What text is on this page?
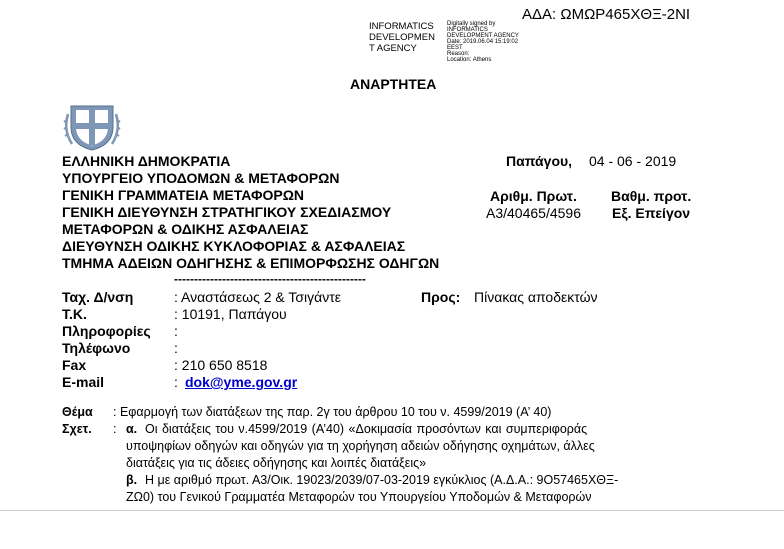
ΑΔΑ: ΩΜΩΡ465ΧΘΞ-2ΝΙ
INFORMATICS
DEVELOPMEN
T AGENCY
Digitally signed by
INFORMATICS
DEVELOPMENT AGENCY
Date: 2019.06.04 15:19:02
EEST
Reason:
Location: Athens
ΑΝΑΡΤΗΤΕΑ
ΕΛΛΗΝΙΚΗ ΔΗΜΟΚΡΑΤΙΑ
ΥΠΟΥΡΓΕΙΟ ΥΠΟΔΟΜΩΝ & ΜΕΤΑΦΟΡΩΝ
ΓΕΝΙΚΗ ΓΡΑΜΜΑΤΕΙΑ ΜΕΤΑΦΟΡΩΝ
ΓΕΝΙΚΗ ΔΙΕΥΘΥΝΣΗ ΣΤΡΑΤΗΓΙΚΟΥ ΣΧΕΔΙΑΣΜΟΥ
ΜΕΤΑΦΟΡΩΝ & ΟΔΙΚΗΣ ΑΣΦΑΛΕΙΑΣ
ΔΙΕΥΘΥΝΣΗ ΟΔΙΚΗΣ ΚΥΚΛΟΦΟΡΙΑΣ & ΑΣΦΑΛΕΙΑΣ
ΤΜΗΜΑ ΑΔΕΙΩΝ ΟΔΗΓΗΣΗΣ & ΕΠΙΜΟΡΦΩΣΗΣ ΟΔΗΓΩΝ
Παπάγου, 04 - 06 - 2019
Αριθμ. Πρωτ. Βαθμ. προτ.
Α3/40465/4596 Εξ. Επείγον
------------------------------------------------
Ταχ. Δ/νση	: Αναστάσεως 2 & Τσιγάντε
Τ.Κ.	: 10191, Παπάγου
Πληροφορίες :
Τηλέφωνο	:
Fax	: 210 650 8518
E-mail	: dok@yme.gov.gr
Προς: Πίνακας αποδεκτών
Θέμα : Εφαρμογή των διατάξεων της παρ. 2γ του άρθρου 10 του ν. 4599/2019 (Α’ 40)
Σχετ. : α. Οι διατάξεις του ν.4599/2019 (Α’40) «Δοκιμασία προσόντων και συμπεριφοράς
υποψηφίων οδηγών και οδηγών για τη χορήγηση αδειών οδήγησης οχημάτων, άλλες
διατάξεις για τις άδειες οδήγησης και λοιπές διατάξεις»
β. Η με αριθμό πρωτ. Α3/Οικ. 19023/2039/07-03-2019 εγκύκλιος (Α.Δ.Α.: 9Ο57465ΧΘΞ-
ΖΩ0) του Γενικού Γραμματέα Μεταφορών του Υπουργείου Υποδομών & Μεταφορών
